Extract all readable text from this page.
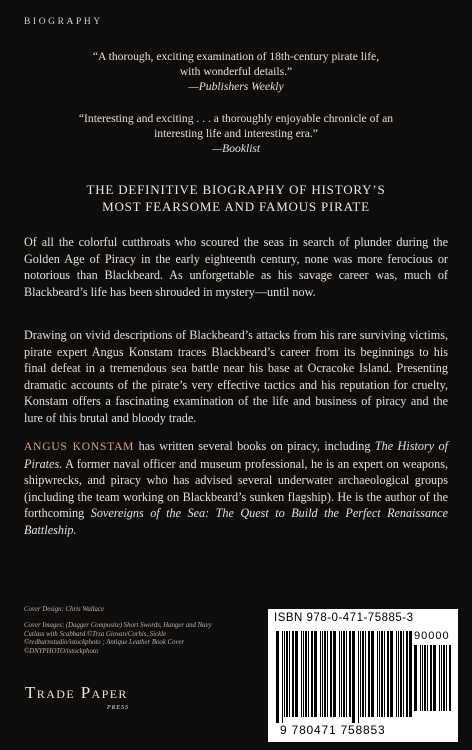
BIOGRAPHY
“A thorough, exciting examination of 18th-century pirate life,
with wonderful details.”
—Publishers Weekly
“Interesting and exciting . . . a thoroughly enjoyable chronicle of an
interesting life and interesting era.”
—Booklist
THE DEFINITIVE BIOGRAPHY OF HISTORY’S
MOST FEARSOME AND FAMOUS PIRATE

Of all the colorful cutthroats who scoured the seas in search of plunder during the Golden Age of Piracy in the early eighteenth century, none was more ferocious or notorious than Blackbeard. As unforgettable as his savage career was, much of Blackbeard’s life has been shrouded in mystery—until now.

Drawing on vivid descriptions of Blackbeard’s attacks from his rare surviving victims, pirate expert Angus Konstam traces Blackbeard’s career from its beginnings to his final defeat in a tremendous sea battle near his base at Ocracoke Island. Presenting dramatic accounts of the pirate’s very effective tactics and his reputation for cruelty, Konstam offers a fascinating examination of the life and business of piracy and the lure of this brutal and bloody trade.

ANGUS KONSTAM has written several books on piracy, including The History of Pirates. A former naval officer and museum professional, he is an expert on weapons, shipwrecks, and piracy who has advised several underwater archaeological groups (including the team working on Blackbeard’s sunken flagship). He is the author of the forthcoming Sovereigns of the Sea: The Quest to Build the Perfect Renaissance Battleship.

Cover Design: Chris Wallace
Cover Images: (Dagger Composite) Short Swords, Hanger and Navy Cutlass with Scabbard ©Trza Giovan/Corbis, Sickle ©redbarnstudio/istockphoto ; Antique Leather Book Cover ©DNYPHOTO/istockphoto
Trade Paper
PRESS
ISBN 978-0-471-75885-3
90000
9 780471 758853
